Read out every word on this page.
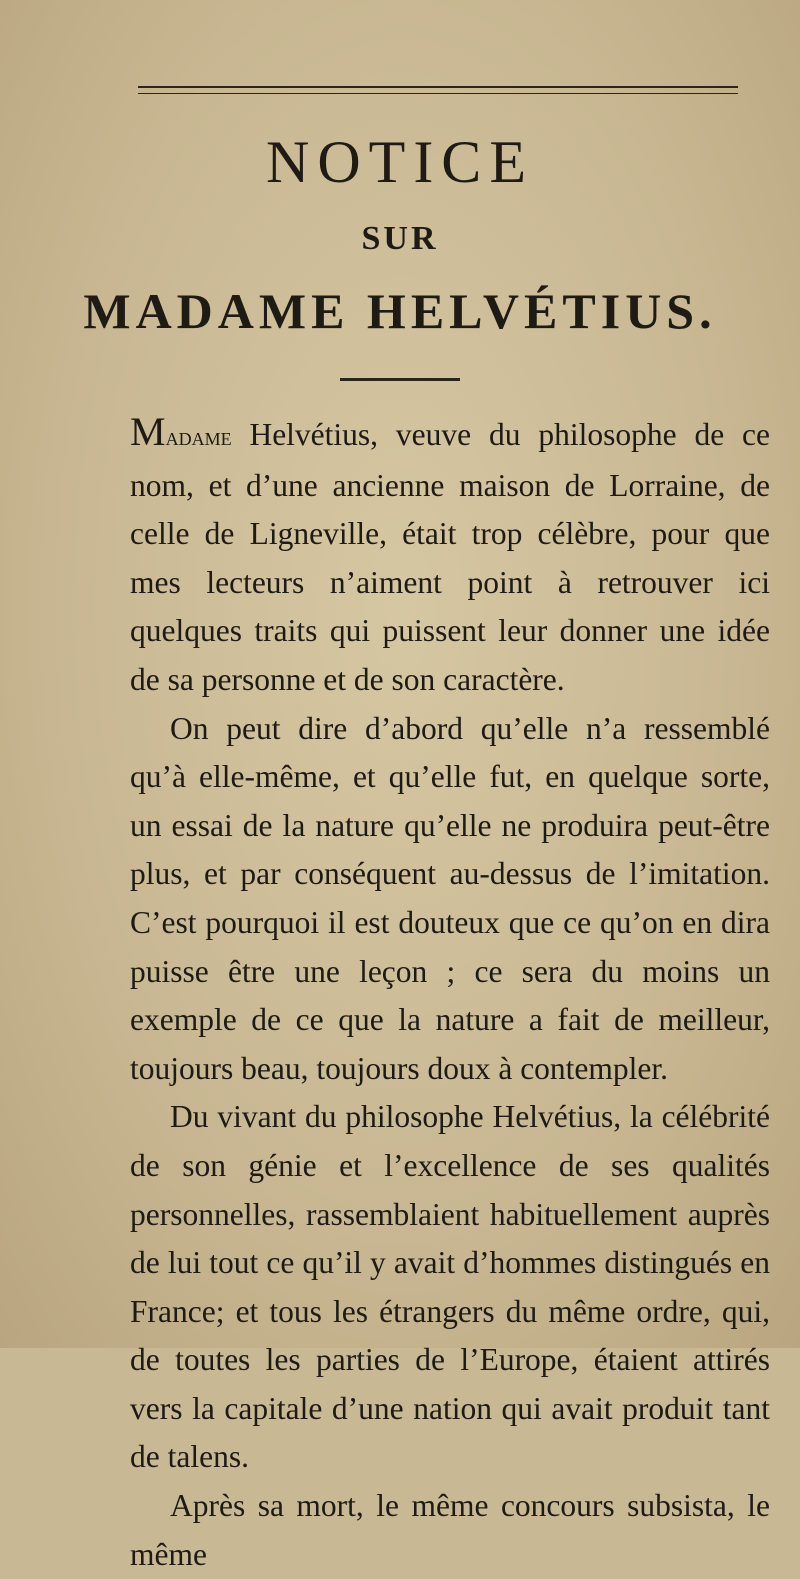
NOTICE
SUR
MADAME HELVÉTIUS.

Madame Helvétius, veuve du philosophe de ce nom, et d’une ancienne maison de Lorraine, de celle de Ligneville, était trop célèbre, pour que mes lecteurs n’aiment point à retrouver ici quelques traits qui puissent leur donner une idée de sa personne et de son caractère.

On peut dire d’abord qu’elle n’a ressemblé qu’à elle-même, et qu’elle fut, en quelque sorte, un essai de la nature qu’elle ne produira peut-être plus, et par conséquent au-dessus de l’imitation. C’est pourquoi il est douteux que ce qu’on en dira puisse être une leçon ; ce sera du moins un exemple de ce que la nature a fait de meilleur, toujours beau, toujours doux à contempler.

Du vivant du philosophe Helvétius, la célébrité de son génie et l’excellence de ses qualités personnelles, rassemblaient habituellement auprès de lui tout ce qu’il y avait d’hommes distingués en France; et tous les étrangers du même ordre, qui, de toutes les parties de l’Europe, étaient attirés vers la capitale d’une nation qui avait produit tant de talens.

Après sa mort, le même concours subsista, le même
